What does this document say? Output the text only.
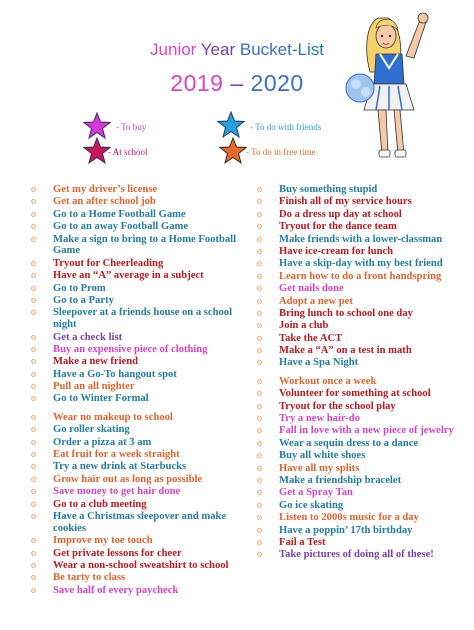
Junior Year Bucket-List
2019 – 2020
- To buy	- To do with friends
- At school	- To do in free time
o Get my driver’s license
o Get an after school job
o Go to a Home Football Game
o Go to an away Football Game
o Make a sign to bring to a Home Football Game
o Tryout for Cheerleading
o Have an “A” average in a subject
o Go to Prom
o Go to a Party
o Sleepover at a friends house on a school night
o Get a check list
o Buy an expensive piece of clothing
o Make a new friend
o Have a Go-To hangout spot
o Pull an all nighter
o Go to Winter Formal
o Wear no makeup to school
o Go roller skating
o Order a pizza at 3 am
o Eat fruit for a week straight
o Try a new drink at Starbucks
o Grow hair out as long as possible
o Save money to get hair done
o Go to a club meeting
o Have a Christmas sleepover and make cookies
o Improve my toe touch
o Get private lessons for cheer
o Wear a non-school sweatshirt to school
o Be tarty to class
o Save half of every paycheck
o Buy something stupid
o Finish all of my service hours
o Do a dress up day at school
o Tryout for the dance team
o Make friends with a lower-classman
o Have ice-cream for lunch
o Have a skip-day with my best friend
o Learn how to do a front handspring
o Get nails done
o Adopt a new pet
o Bring lunch to school one day
o Join a club
o Take the ACT
o Make a “A” on a test in math
o Have a Spa Night
o Workout once a week
o Volunteer for something at school
o Tryout for the school play
o Try a new hair-do
o Fall in love with a new piece of jewelry
o Wear a sequin dress to a dance
o Buy all white shoes
o Have all my splits
o Make a friendship bracelet
o Get a Spray Tan
o Go ice skating
o Listen to 2000s music for a day
o Have a poppin’ 17th birthday
o Fail a Test
o Take pictures of doing all of these!
